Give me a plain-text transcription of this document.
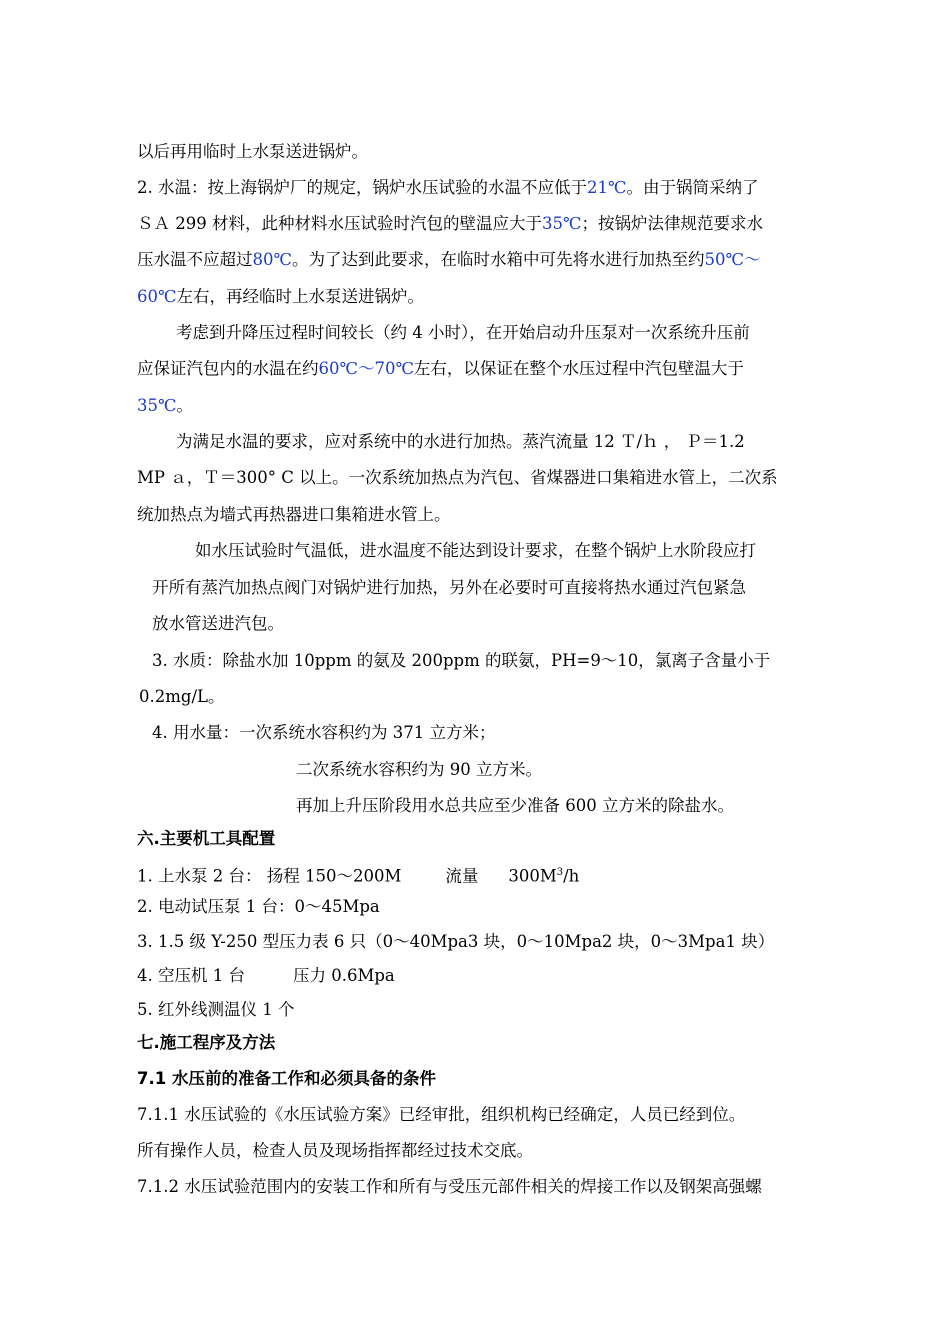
以后再用临时上水泵送进锅炉。
2. 水温：按上海锅炉厂的规定，锅炉水压试验的水温不应低于21℃。由于锅筒采纳了
ＳＡ 299 材料，此种材料水压试验时汽包的壁温应大于35℃；按锅炉法律规范要求水
压水温不应超过80℃。为了达到此要求，在临时水箱中可先将水进行加热至约50℃～
60℃左右，再经临时上水泵送进锅炉。
考虑到升降压过程时间较长（约 4 小时），在开始启动升压泵对一次系统升压前
应保证汽包内的水温在约60℃～70℃左右，以保证在整个水压过程中汽包壁温大于
35℃。
为满足水温的要求，应对系统中的水进行加热。蒸汽流量 12 Ｔ/ｈ ， Ｐ＝1.2
MP ａ，Ｔ＝300° C 以上。一次系统加热点为汽包、省煤器进口集箱进水管上，二次系
统加热点为墙式再热器进口集箱进水管上。
如水压试验时气温低，进水温度不能达到设计要求，在整个锅炉上水阶段应打
开所有蒸汽加热点阀门对锅炉进行加热，另外在必要时可直接将热水通过汽包紧急
放水管送进汽包。
3. 水质：除盐水加 10ppm 的氨及 200ppm 的联氨，PH=9～10，氯离子含量小于
0.2mg/L。
4. 用水量：一次系统水容积约为 371 立方米；
二次系统水容积约为 90 立方米。
再加上升压阶段用水总共应至少准备 600 立方米的除盐水。
六.主要机工具配置
1. 上水泵 2 台： 扬程 150～200M	流量 $300M^3/h$
2. 电动试压泵 1 台：0～45Mpa
3. 1.5 级 Y-250 型压力表 6 只（0～40Mpa3 块，0～10Mpa2 块，0～3Mpa1 块）
4. 空压机 1 台	压力 0.6Mpa
5. 红外线测温仪 1 个
七.施工程序及方法
7.1 水压前的准备工作和必须具备的条件
7.1.1 水压试验的《水压试验方案》已经审批，组织机构已经确定，人员已经到位。
所有操作人员，检查人员及现场指挥都经过技术交底。
7.1.2 水压试验范围内的安装工作和所有与受压元部件相关的焊接工作以及钢架高强螺
